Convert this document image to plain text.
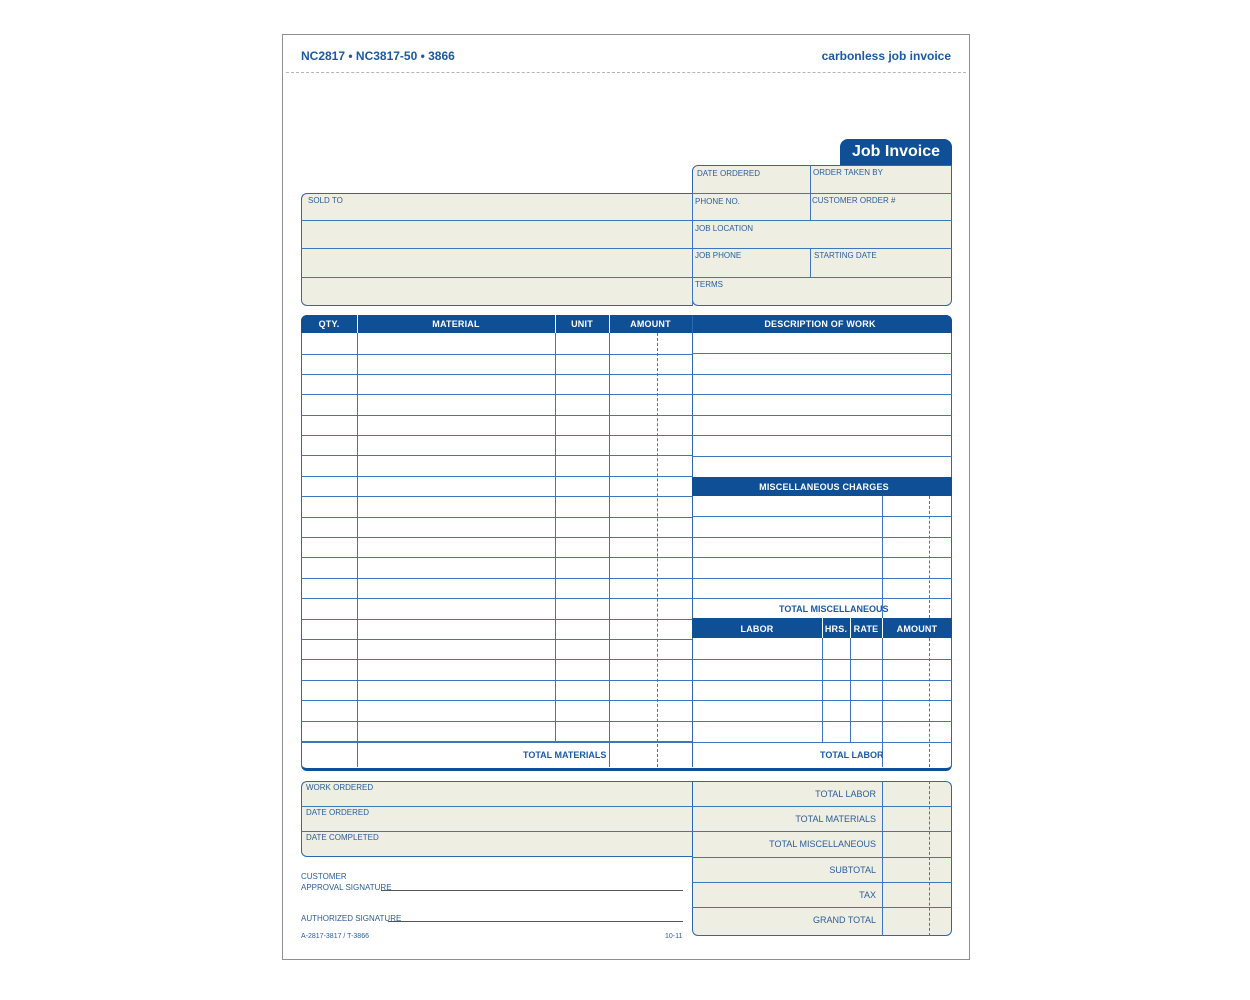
NC2817 • NC3817-50 • 3866	carbonless job invoice
Job Invoice
DATE ORDERED	ORDER TAKEN BY
PHONE NO.	CUSTOMER ORDER #
JOB LOCATION
JOB PHONE	STARTING DATE
TERMS
SOLD TO
QTY.	MATERIAL	UNIT	AMOUNT	DESCRIPTION OF WORK
MISCELLANEOUS CHARGES
TOTAL MISCELLANEOUS
LABOR	HRS. RATE	AMOUNT
TOTAL MATERIALS	TOTAL LABOR
WORK ORDERED
DATE ORDERED
DATE COMPLETED
TOTAL LABOR
TOTAL MATERIALS
TOTAL MISCELLANEOUS
SUBTOTAL
TAX
GRAND TOTAL
CUSTOMER
APPROVAL SIGNATURE
AUTHORIZED SIGNATURE
A-2817-3817 / T-3866	10-11
